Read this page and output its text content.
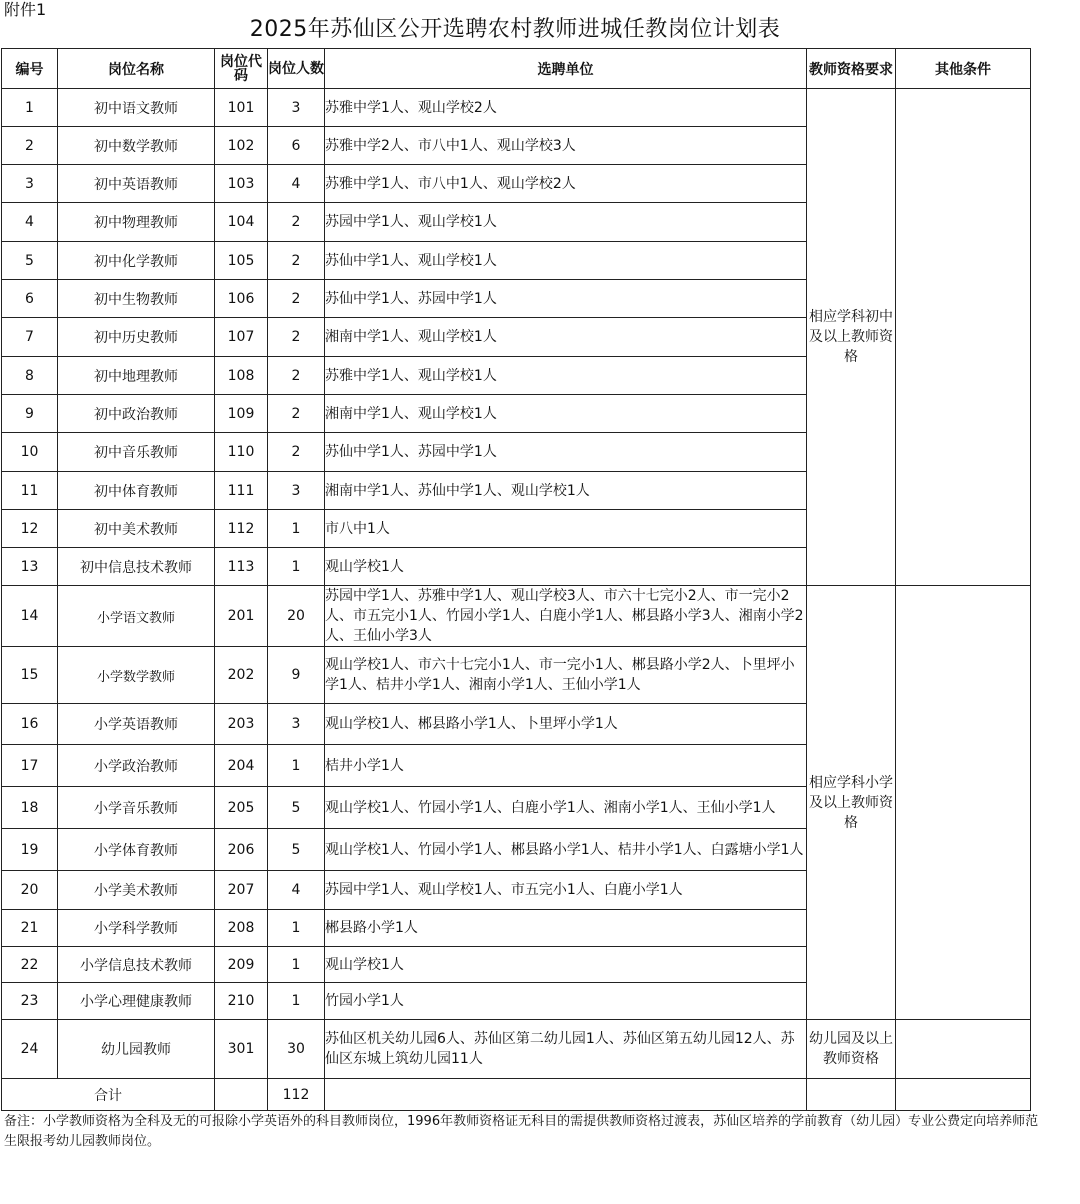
附件1
2025年苏仙区公开选聘农村教师进城任教岗位计划表
编号	岗位名称	岗位代码	岗位人数	选聘单位	教师资格要求	其他条件
1	初中语文教师	101	3	苏雅中学1人、观山学校2人	相应学科初中及以上教师资格	
2	初中数学教师	102	6	苏雅中学2人、市八中1人、观山学校3人		
3	初中英语教师	103	4	苏雅中学1人、市八中1人、观山学校2人		
4	初中物理教师	104	2	苏园中学1人、观山学校1人		
5	初中化学教师	105	2	苏仙中学1人、观山学校1人		
6	初中生物教师	106	2	苏仙中学1人、苏园中学1人		
7	初中历史教师	107	2	湘南中学1人、观山学校1人		
8	初中地理教师	108	2	苏雅中学1人、观山学校1人		
9	初中政治教师	109	2	湘南中学1人、观山学校1人		
10	初中音乐教师	110	2	苏仙中学1人、苏园中学1人		
11	初中体育教师	111	3	湘南中学1人、苏仙中学1人、观山学校1人		
12	初中美术教师	112	1	市八中1人		
13	初中信息技术教师	113	1	观山学校1人		
14	小学语文教师	201	20	苏园中学1人、苏雅中学1人、观山学校3人、市六十七完小2人、市一完小2人、市五完小1人、竹园小学1人、白鹿小学1人、郴县路小学3人、湘南小学2人、王仙小学3人	相应学科小学及以上教师资格	
15	小学数学教师	202	9	观山学校1人、市六十七完小1人、市一完小1人、郴县路小学2人、卜里坪小学1人、桔井小学1人、湘南小学1人、王仙小学1人		
16	小学英语教师	203	3	观山学校1人、郴县路小学1人、卜里坪小学1人		
17	小学政治教师	204	1	桔井小学1人		
18	小学音乐教师	205	5	观山学校1人、竹园小学1人、白鹿小学1人、湘南小学1人、王仙小学1人		
19	小学体育教师	206	5	观山学校1人、竹园小学1人、郴县路小学1人、桔井小学1人、白露塘小学1人		
20	小学美术教师	207	4	苏园中学1人、观山学校1人、市五完小1人、白鹿小学1人		
21	小学科学教师	208	1	郴县路小学1人		
22	小学信息技术教师	209	1	观山学校1人		
23	小学心理健康教师	210	1	竹园小学1人		
24	幼儿园教师	301	30	苏仙区机关幼儿园6人、苏仙区第二幼儿园1人、苏仙区第五幼儿园12人、苏仙区东城上筑幼儿园11人	幼儿园及以上教师资格	
合计			112			
备注：小学教师资格为全科及无的可报除小学英语外的科目教师岗位，1996年教师资格证无科目的需提供教师资格过渡表，苏仙区培养的学前教育（幼儿园）专业公费定向培养师范生限报考幼儿园教师岗位。
